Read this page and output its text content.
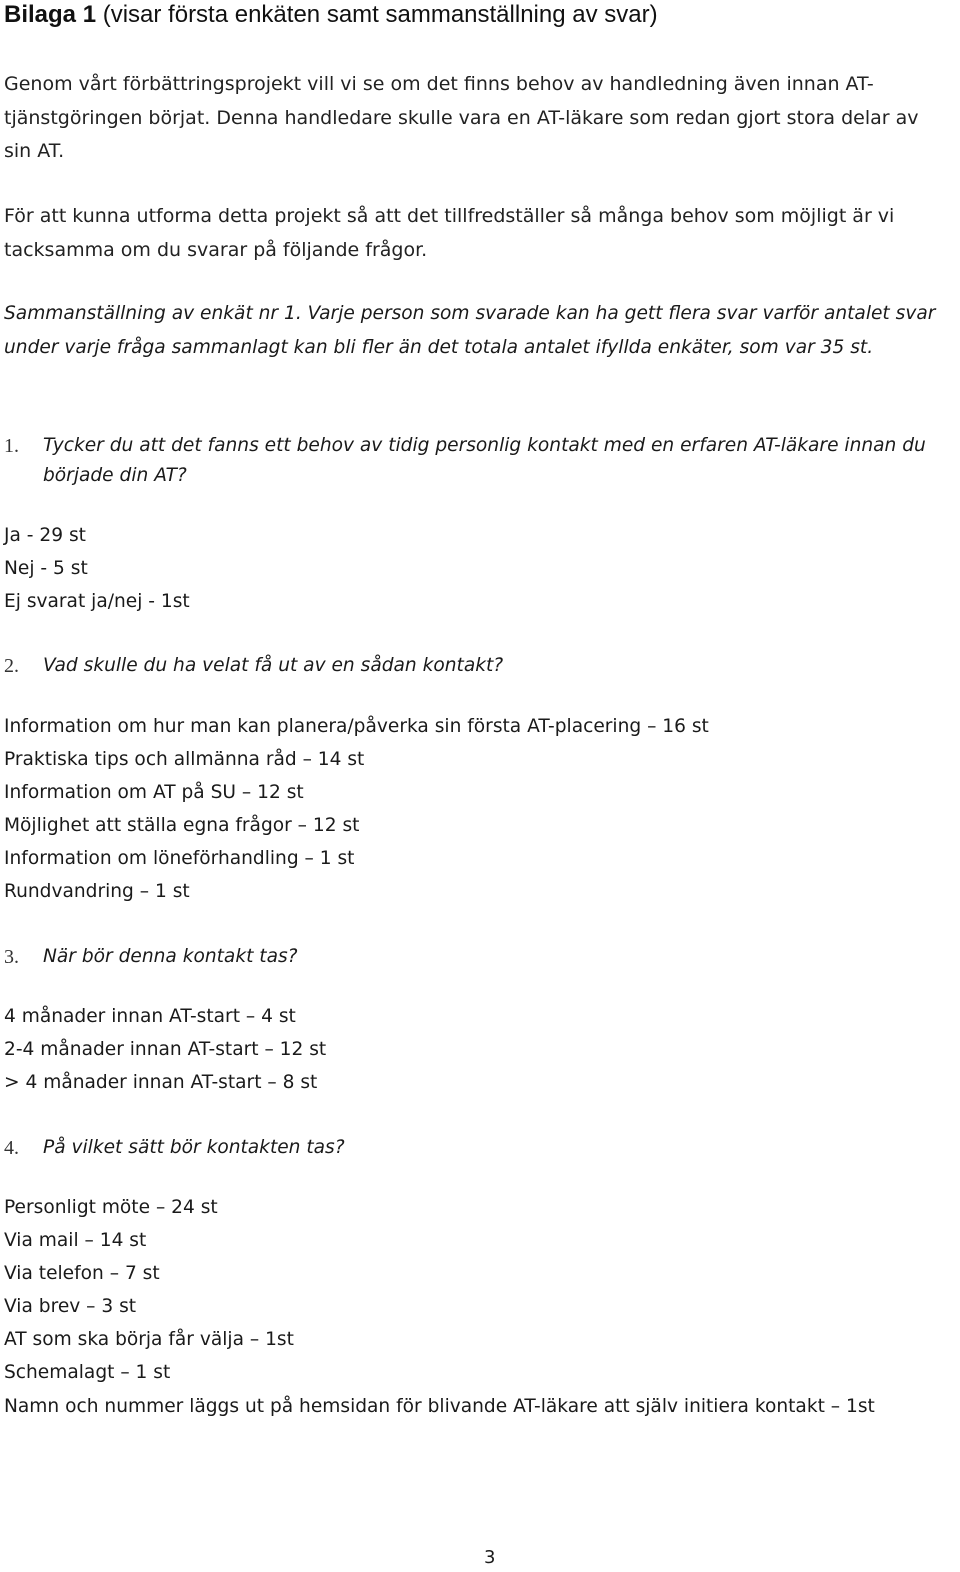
Bilaga 1 (visar första enkäten samt sammanställning av svar)
Genom vårt förbättringsprojekt vill vi se om det finns behov av handledning även innan AT-tjänstgöringen börjat. Denna handledare skulle vara en AT-läkare som redan gjort stora delar av sin AT.
För att kunna utforma detta projekt så att det tillfredställer så många behov som möjligt är vi tacksamma om du svarar på följande frågor.
Sammanställning av enkät nr 1. Varje person som svarade kan ha gett flera svar varför antalet svar under varje fråga sammanlagt kan bli fler än det totala antalet ifyllda enkäter, som var 35 st.
1. Tycker du att det fanns ett behov av tidig personlig kontakt med en erfaren AT-läkare innan du började din AT?
Ja - 29 st
Nej - 5 st
Ej svarat ja/nej - 1st
2. Vad skulle du ha velat få ut av en sådan kontakt?
Information om hur man kan planera/påverka sin första AT-placering – 16 st
Praktiska tips och allmänna råd – 14 st
Information om AT på SU – 12 st
Möjlighet att ställa egna frågor – 12 st
Information om löneförhandling – 1 st
Rundvandring – 1 st
3. När bör denna kontakt tas?
4 månader innan AT-start – 4 st
2-4 månader innan AT-start – 12 st
> 4 månader innan AT-start – 8 st
4. På vilket sätt bör kontakten tas?
Personligt möte – 24 st
Via mail – 14 st
Via telefon – 7 st
Via brev – 3 st
AT som ska börja får välja – 1st
Schemalagt – 1 st
Namn och nummer läggs ut på hemsidan för blivande AT-läkare att själv initiera kontakt – 1st
3
